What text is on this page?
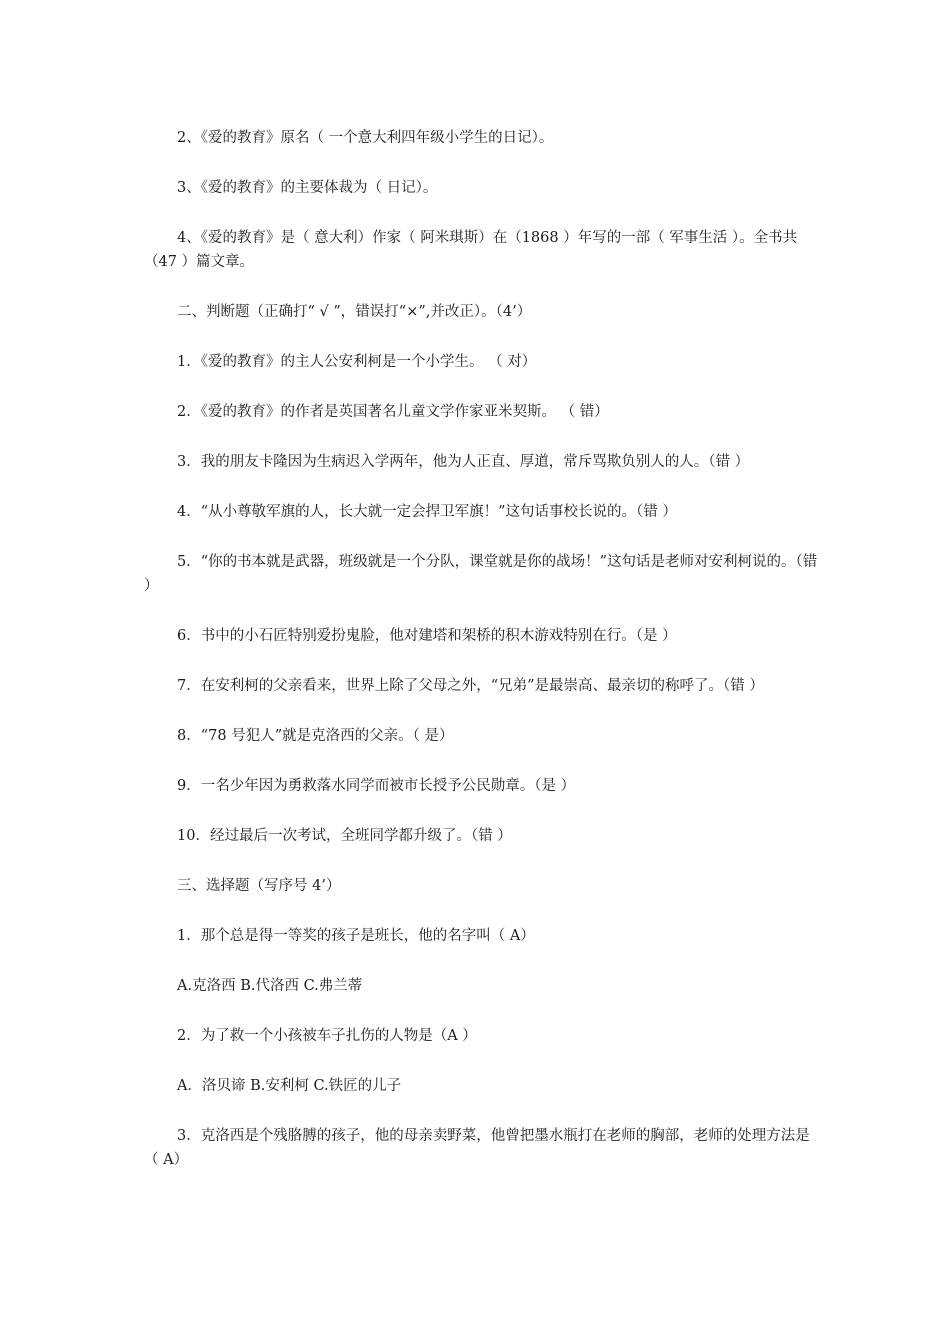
2、《爱的教育》原名（ 一个意大利四年级小学生的日记）。

3、《爱的教育》的主要体裁为（ 日记）。

4、《爱的教育》是（ 意大利）作家（ 阿米琪斯）在（1868 ）年写的一部（ 军事生活 ）。全书共（47 ）篇文章。

二、判断题（正确打“ √ ”，错误打“×”,并改正）。（4’）

1．《爱的教育》的主人公安利柯是一个小学生。 （ 对）

2．《爱的教育》的作者是英国著名儿童文学作家亚米契斯。 （ 错）

3．我的朋友卡隆因为生病迟入学两年，他为人正直、厚道，常斥骂欺负别人的人。（错 ）

4．“从小尊敬军旗的人，长大就一定会捍卫军旗！”这句话事校长说的。（错 ）

5．“你的书本就是武器，班级就是一个分队，课堂就是你的战场！”这句话是老师对安利柯说的。（错 ）

6．书中的小石匠特别爱扮鬼脸，他对建塔和架桥的积木游戏特别在行。（是 ）

7．在安利柯的父亲看来，世界上除了父母之外，“兄弟”是最崇高、最亲切的称呼了。（错 ）

8．“78 号犯人”就是克洛西的父亲。（ 是）

9．一名少年因为勇救落水同学而被市长授予公民勋章。（是 ）

10．经过最后一次考试，全班同学都升级了。（错 ）

三、选择题（写序号 4’）

1．那个总是得一等奖的孩子是班长，他的名字叫（ A）

A.克洛西 B.代洛西 C.弗兰蒂

2．为了救一个小孩被车子扎伤的人物是（A ）

A．洛贝谛 B.安利柯 C.铁匠的儿子

3．克洛西是个残胳膊的孩子，他的母亲卖野菜，他曾把墨水瓶打在老师的胸部，老师的处理方法是（ A）
